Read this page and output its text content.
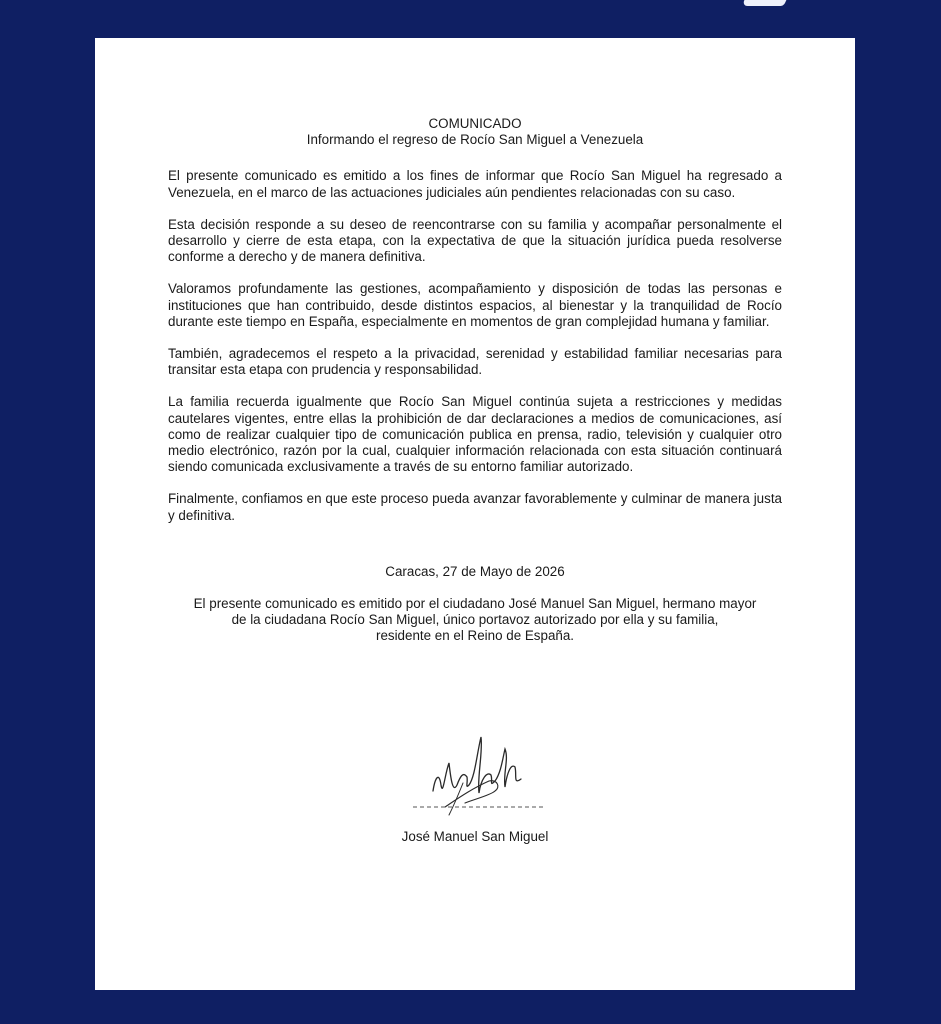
COMUNICADO
Informando el regreso de Rocío San Miguel a Venezuela

El presente comunicado es emitido a los fines de informar que Rocío San Miguel ha regresado a Venezuela, en el marco de las actuaciones judiciales aún pendientes relacionadas con su caso.

Esta decisión responde a su deseo de reencontrarse con su familia y acompañar personalmente el desarrollo y cierre de esta etapa, con la expectativa de que la situación jurídica pueda resolverse conforme a derecho y de manera definitiva.

Valoramos profundamente las gestiones, acompañamiento y disposición de todas las personas e instituciones que han contribuido, desde distintos espacios, al bienestar y la tranquilidad de Rocío durante este tiempo en España, especialmente en momentos de gran complejidad humana y familiar.

También, agradecemos el respeto a la privacidad, serenidad y estabilidad familiar necesarias para transitar esta etapa con prudencia y responsabilidad.

La familia recuerda igualmente que Rocío San Miguel continúa sujeta a restricciones y medidas cautelares vigentes, entre ellas la prohibición de dar declaraciones a medios de comunicaciones, así como de realizar cualquier tipo de comunicación publica en prensa, radio, televisión y cualquier otro medio electrónico, razón por la cual, cualquier información relacionada con esta situación continuará siendo comunicada exclusivamente a través de su entorno familiar autorizado.

Finalmente, confiamos en que este proceso pueda avanzar favorablemente y culminar de manera justa y definitiva.

Caracas, 27 de Mayo de 2026
El presente comunicado es emitido por el ciudadano José Manuel San Miguel, hermano mayor
de la ciudadana Rocío San Miguel, único portavoz autorizado por ella y su familia,
residente en el Reino de España.
José Manuel San Miguel
